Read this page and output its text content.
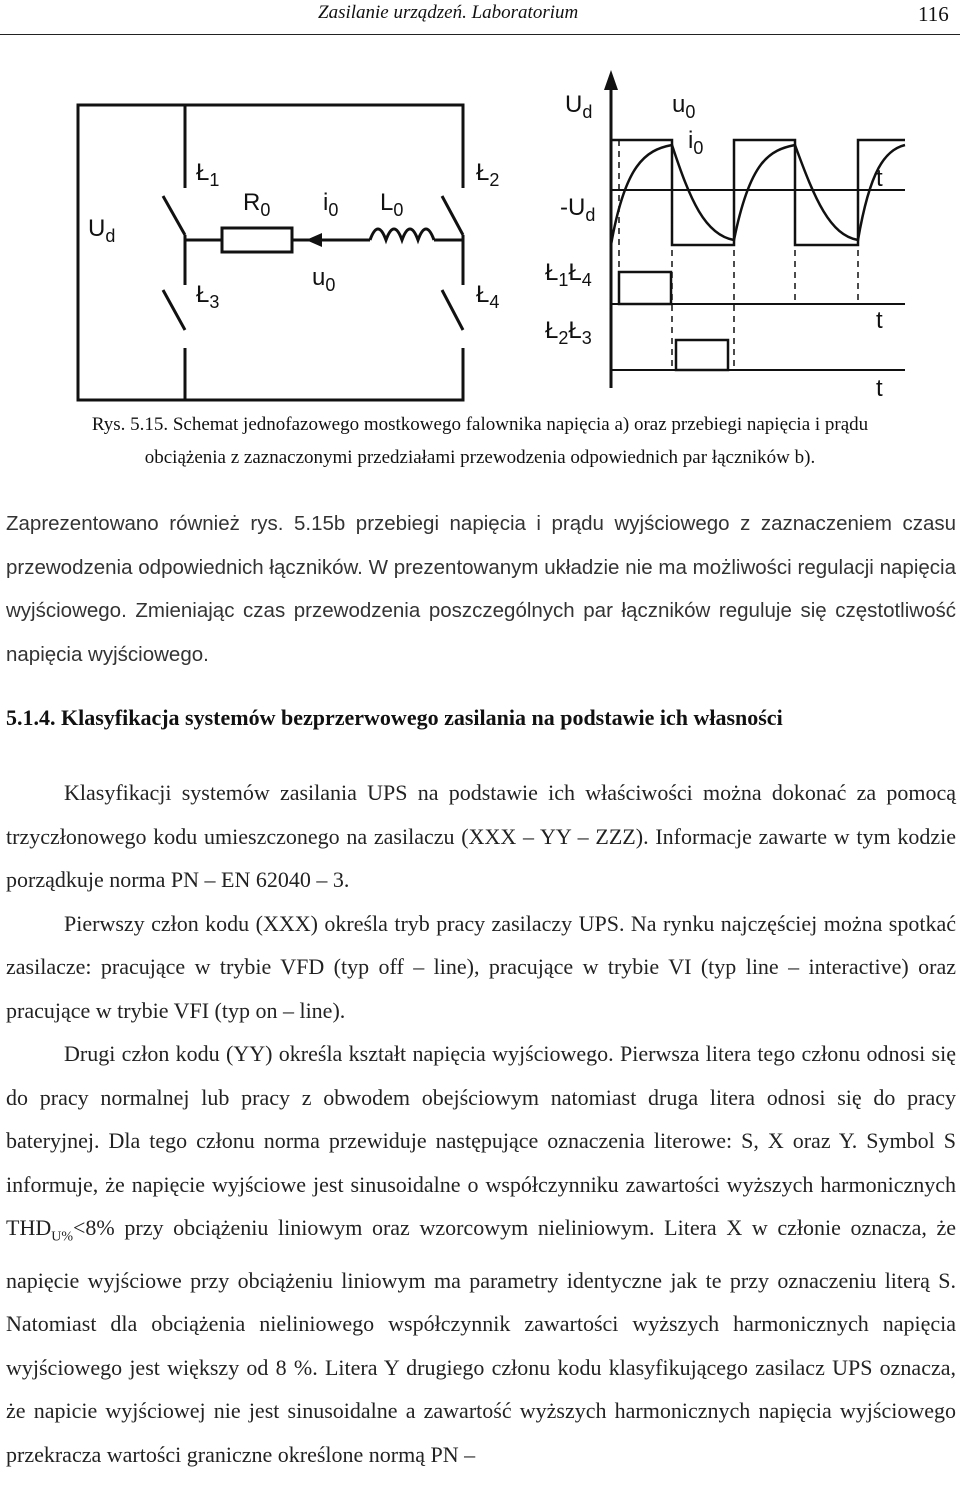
Zasilanie urządzeń. Laboratorium	116
$U_d$
$Ł_1$
$Ł_3$
$Ł_2$
$Ł_4$
$R_0$ $i_0$ $L_0$
$u_0$
$U_d$
$-U_d$
$u_0$
$i_0$
t
t
t
$Ł_1Ł_4$
$Ł_2Ł_3$
Rys. 5.15. Schemat jednofazowego mostkowego falownika napięcia a) oraz przebiegi napięcia i prądu
obciążenia z zaznaczonymi przedziałami przewodzenia odpowiednich par łączników b).

Zaprezentowano również rys. 5.15b przebiegi napięcia i prądu wyjściowego z zaznaczeniem czasu przewodzenia odpowiednich łączników. W prezentowanym układzie nie ma możliwości regulacji napięcia wyjściowego. Zmieniając czas przewodzenia poszczególnych par łączników reguluje się częstotliwość napięcia wyjściowego.

5.1.4. Klasyfikacja systemów bezprzerwowego zasilania na podstawie ich własności

Klasyfikacji systemów zasilania UPS na podstawie ich właściwości można dokonać za pomocą trzyczłonowego kodu umieszczonego na zasilaczu (XXX – YY – ZZZ). Informacje zawarte w tym kodzie porządkuje norma PN – EN 62040 – 3.

Pierwszy człon kodu (XXX) określa tryb pracy zasilaczy UPS. Na rynku najczęściej można spotkać zasilacze: pracujące w trybie VFD (typ off – line), pracujące w trybie VI (typ line – interactive) oraz pracujące w trybie VFI (typ on – line).

Drugi człon kodu (YY) określa kształt napięcia wyjściowego. Pierwsza litera tego członu odnosi się do pracy normalnej lub pracy z obwodem obejściowym natomiast druga litera odnosi się do pracy bateryjnej. Dla tego członu norma przewiduje następujące oznaczenia literowe: S, X oraz Y. Symbol S informuje, że napięcie wyjściowe jest sinusoidalne o współczynniku zawartości wyższych harmonicznych $THD_{U\%}<8\%$ przy obciążeniu liniowym oraz wzorcowym nieliniowym. Litera X w członie oznacza, że napięcie wyjściowe przy obciążeniu liniowym ma parametry identyczne jak te przy oznaczeniu literą S. Natomiast dla obciążenia nieliniowego współczynnik zawartości wyższych harmonicznych napięcia wyjściowego jest większy od 8 %. Litera Y drugiego członu kodu klasyfikującego zasilacz UPS oznacza, że napicie wyjściowej nie jest sinusoidalne a zawartość wyższych harmonicznych napięcia wyjściowego przekracza wartości graniczne określone normą PN –
